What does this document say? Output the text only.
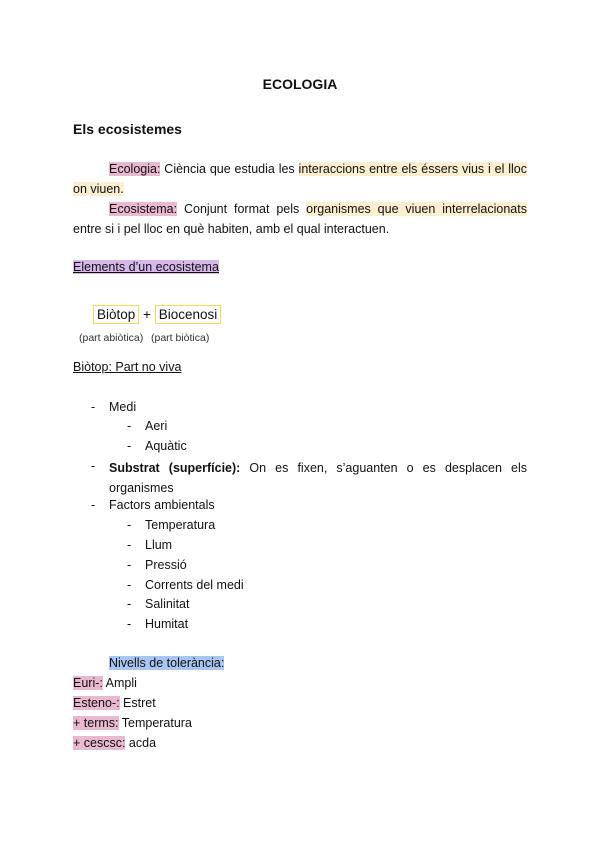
ECOLOGIA
Els ecosistemes
Ecologia: Ciència que estudia les interaccions entre els éssers vius i el lloc
on viuen.
Ecosistema: Conjunt format pels organismes que viuen interrelacionats
entre si i pel lloc en què habiten, amb el qual interactuen.
Elements d’un ecosistema
Biòtop + Biocenosi
(part abiòtica) (part biòtica)
Biòtop: Part no viva
- Medi
- Aeri
- Aquàtic
- Substrat (superfície): On es fixen, s’aguanten o es desplacen els
organismes
- Factors ambientals
- Temperatura
- Llum
- Pressió
- Corrents del medi
- Salinitat
- Humitat
Nivells de tolerància:
Euri-: Ampli
Esteno-: Estret
+ terms: Temperatura
+ cescsc: acda
